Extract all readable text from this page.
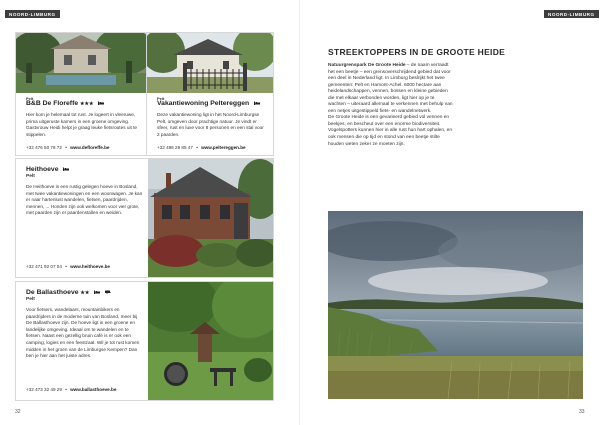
NOORD-LIMBURG
B&B De Floreffe ★★★
Hier kom je helemaal tot rust. Je logeert in vleeruwe, prima uitgeruste kamers in een groene omgeving. Gastvrouw Heidi helpt je graag leuke fietsroutes uit te stippelen.
+32 476 50 78 72 • www.defloreffe.be
Pelt
Vakantiewoning Peltereggen
Deze vakantiewoning ligt in het Noord-Limburgse Pelt, omgeven door prachtige natuur. Je vindt er sfeer, rust en luxe voor 8 personen en een stal voor 2 paarden.
+32 496 29 85 47 • www.peltereggen.be
Pelt
Heithoeve
Pelt
De Heithoeve is een rustig gelegen hoeve in Bosland, met twee vakantiewoningen en een woonwagen. Je kan er naar hartenlust wandelen, fietsen, paardrijden, mennen, ... Honden zijn ook welkomen voor vier grote, met paarden zijn er paardenstallen en weiden.
+32 471 92 07 04 • www.heithoeve.be
De Ballasthoeve ★★
Pelt
Voor fietsers, wandelaars, mountainbikers en paardrijders in de moderne tuin van Bosland, meer bij De Ballasthoeve zijn. De hoeve ligt in een groene en landelijke omgeving. Ideaal om te wandelen en te fietsen. Naast een gezellig bruin café is er ook een camping, logies en een feestzaal. Wil je tot rust komen midden in het groen van de Limburgse Kempen? Dan ben je hier aan het juiste adres.
+32 473 32 49 29 • www.ballasthoeve.be
32
NOORD-LIMBURG
33
STREEKTOPPERS IN DE GROOTE HEIDE

Natuurgrenspark De Groote Heide – de naam verraadt het een beetje – een grensoverschrijdend gebied dat voor een deel in Nederland ligt. In Limburg beslrijkt het twee gemeenten: Pelt en Hamont-Achel. 6000 hectare aan heidelandschappen, vennen, bossen en kleine gebieden die met elkaar verbonden worden, ligt hier op je te wachten – uiteraard allemaal te verkennen met behulp van een netjes uitgestippeld fiets- en wandelnetwerk.

De Groote Heide is een gevarieerd gebied vol vennen en beekjes, en bescheut over een enorme biodiversiteit. Vogelspotters kunnen hier in alle rust hun hart ophalen, en ook mensen die op tijd en stond van een beetje stilte houden weten zeker ze moeten zijn.
